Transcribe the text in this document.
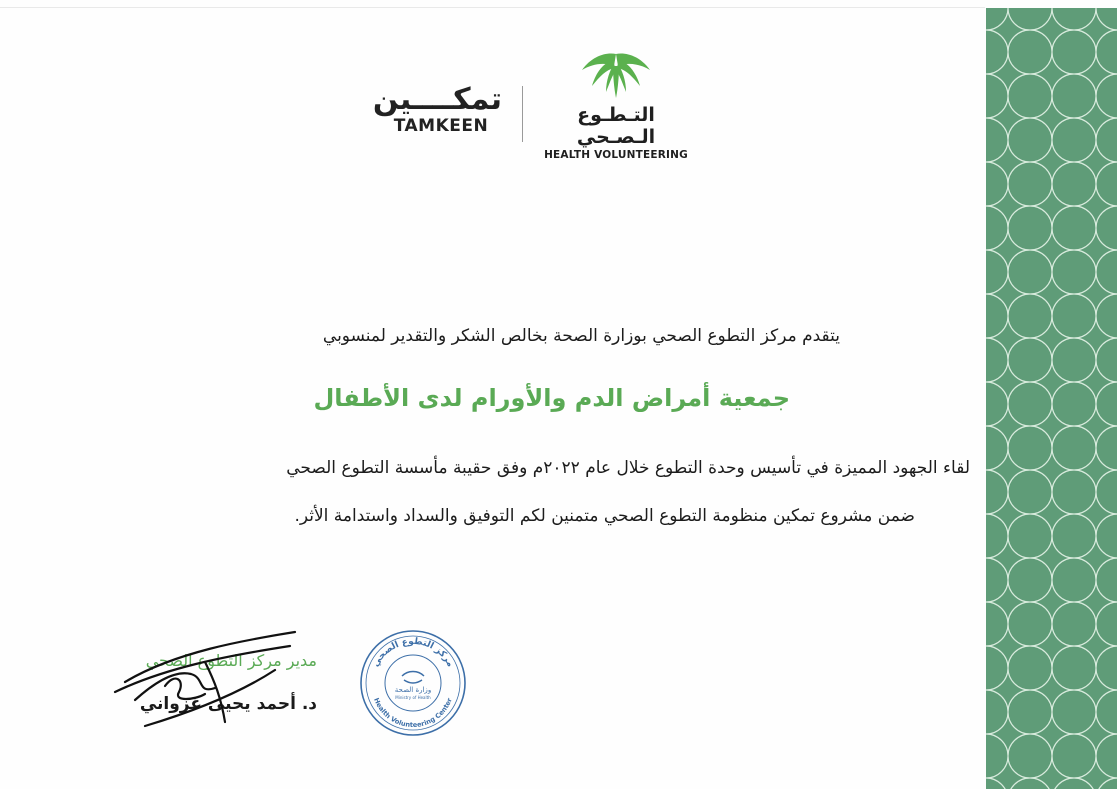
تمكــــين
TAMKEEN	التـطـوع الـصـحي
HEALTH VOLUNTEERING
يتقدم مركز التطوع الصحي بوزارة الصحة بخالص الشكر والتقدير لمنسوبي
جمعية أمراض الدم والأورام لدى الأطفال
لقاء الجهود المميزة في تأسيس وحدة التطوع خلال عام ٢٠٢٢م وفق حقيبة مأسسة التطوع الصحي
ضمن مشروع تمكين منظومة التطوع الصحي متمنين لكم التوفيق والسداد واستدامة الأثر.
مدير مركز التطوع الصحي
د. أحمد يحيى غزواني
مركز التطوع الصحي
Health Volunteering Center
وزارة الصحة
Ministry of Health
